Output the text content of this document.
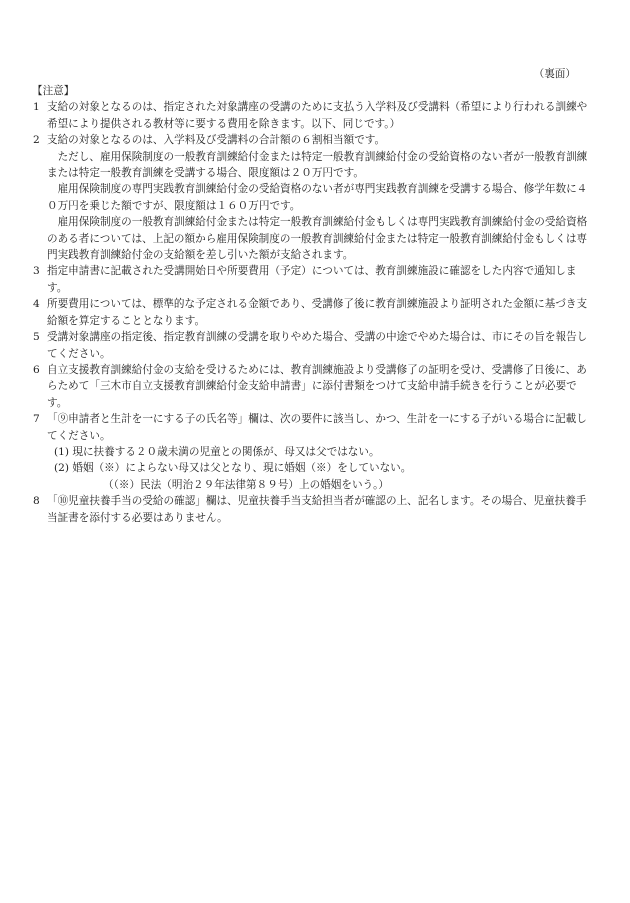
（裏面）

【注意】

1 支給の対象となるのは、指定された対象講座の受講のために支払う入学料及び受講料（希望により行われる訓練や希望により提供される教材等に要する費用を除きます。以下、同じです。）

2 支給の対象となるのは、入学料及び受講料の合計額の６割相当額です。

ただし、雇用保険制度の一般教育訓練給付金または特定一般教育訓練給付金の受給資格のない者が一般教育訓練または特定一般教育訓練を受講する場合、限度額は２０万円です。

雇用保険制度の専門実践教育訓練給付金の受給資格のない者が専門実践教育訓練を受講する場合、修学年数に４０万円を乗じた額ですが、限度額は１６０万円です。

雇用保険制度の一般教育訓練給付金または特定一般教育訓練給付金もしくは専門実践教育訓練給付金の受給資格のある者については、上記の額から雇用保険制度の一般教育訓練給付金または特定一般教育訓練給付金もしくは専門実践教育訓練給付金の支給額を差し引いた額が支給されます。

3 指定申請書に記載された受講開始日や所要費用（予定）については、教育訓練施設に確認をした内容で通知します。

4 所要費用については、標準的な予定される金額であり、受講修了後に教育訓練施設より証明された金額に基づき支給額を算定することとなります。

5 受講対象講座の指定後、指定教育訓練の受講を取りやめた場合、受講の中途でやめた場合は、市にその旨を報告してください。

6 自立支援教育訓練給付金の支給を受けるためには、教育訓練施設より受講修了の証明を受け、受講修了日後に、あらためて「三木市自立支援教育訓練給付金支給申請書」に添付書類をつけて支給申請手続きを行うことが必要です。

7 「⑨申請者と生計を一にする子の氏名等」欄は、次の要件に該当し、かつ、生計を一にする子がいる場合に記載してください。

(1) 現に扶養する２０歳未満の児童との関係が、母又は父ではない。

(2) 婚姻（※）によらない母又は父となり、現に婚姻（※）をしていない。

（（※）民法（明治２９年法律第８９号）上の婚姻をいう。）

8 「⑩児童扶養手当の受給の確認」欄は、児童扶養手当支給担当者が確認の上、記名します。その場合、児童扶養手当証書を添付する必要はありません。
